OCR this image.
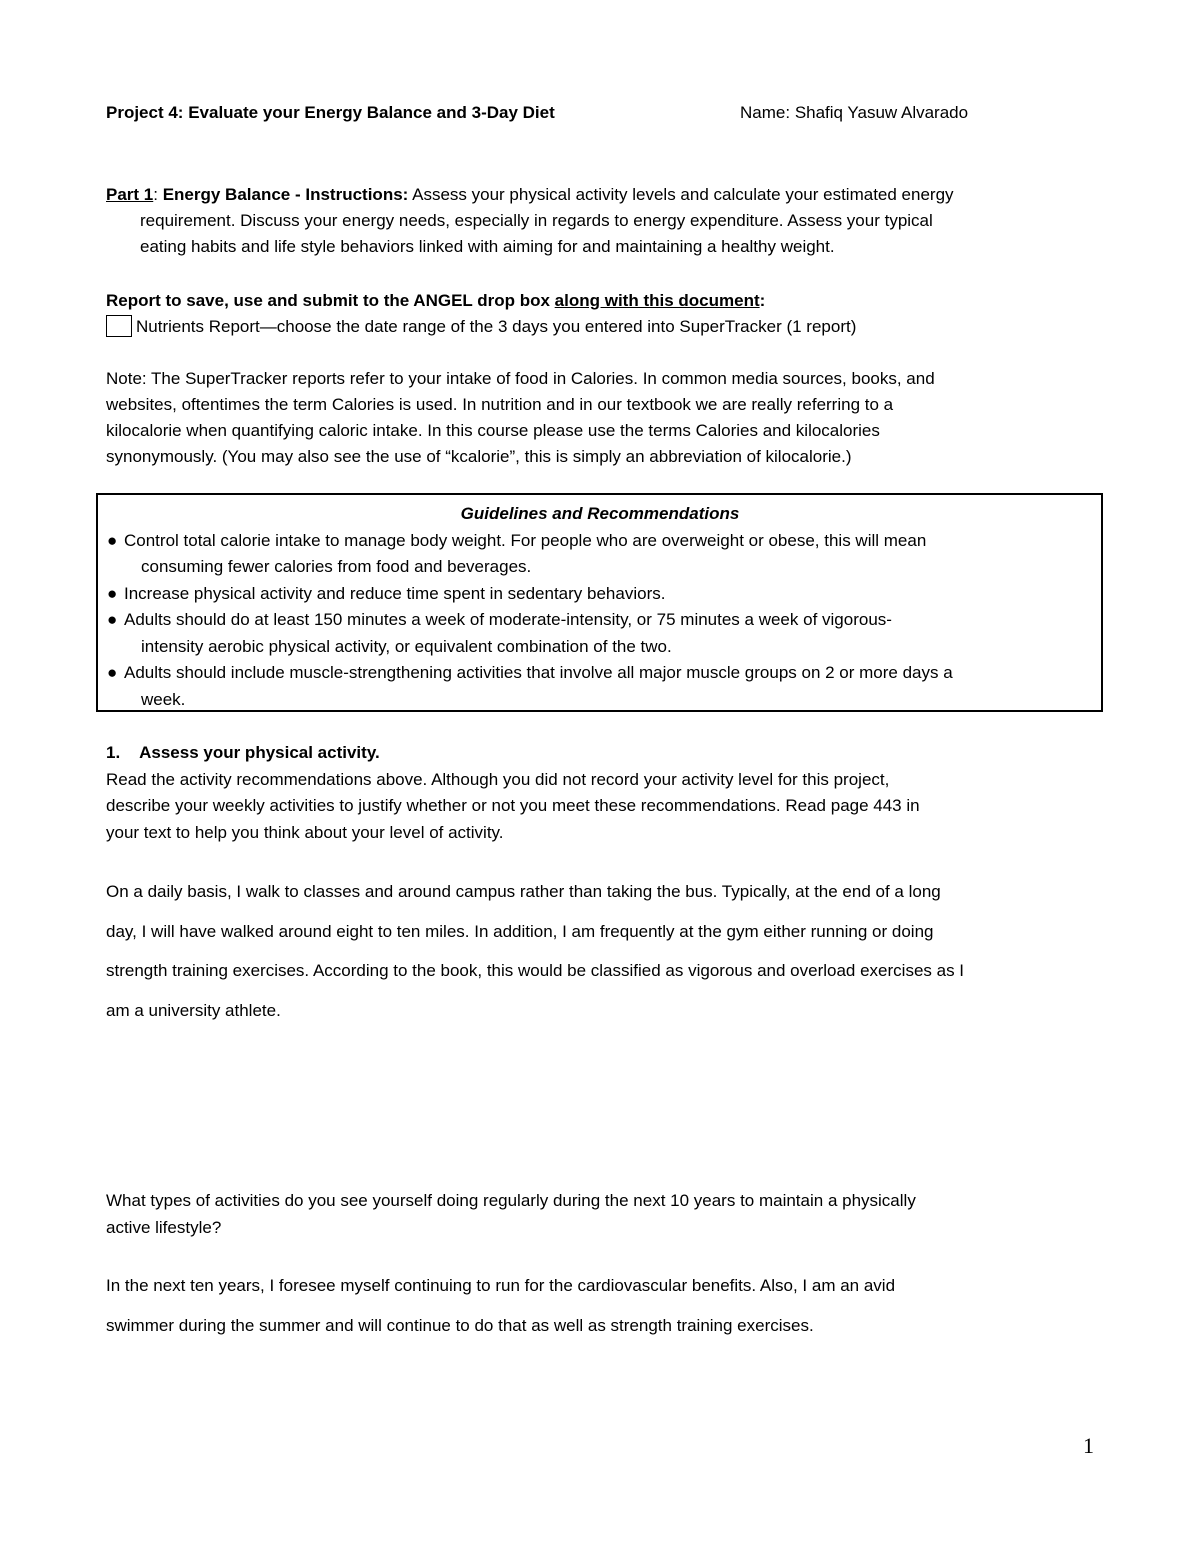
Project 4: Evaluate your Energy Balance and 3-Day Diet	Name: Shafiq Yasuw Alvarado
Part 1: Energy Balance - Instructions: Assess your physical activity levels and calculate your estimated energy
requirement. Discuss your energy needs, especially in regards to energy expenditure. Assess your typical
eating habits and life style behaviors linked with aiming for and maintaining a healthy weight.
Report to save, use and submit to the ANGEL drop box along with this document:
Nutrients Report—choose the date range of the 3 days you entered into SuperTracker (1 report)
Note: The SuperTracker reports refer to your intake of food in Calories. In common media sources, books, and
websites, oftentimes the term Calories is used. In nutrition and in our textbook we are really referring to a
kilocalorie when quantifying caloric intake. In this course please use the terms Calories and kilocalories
synonymously. (You may also see the use of “kcalorie”, this is simply an abbreviation of kilocalorie.)
Guidelines and Recommendations
● Control total calorie intake to manage body weight. For people who are overweight or obese, this will mean
consuming fewer calories from food and beverages.
● Increase physical activity and reduce time spent in sedentary behaviors.
● Adults should do at least 150 minutes a week of moderate-intensity, or 75 minutes a week of vigorous-
intensity aerobic physical activity, or equivalent combination of the two.
● Adults should include muscle-strengthening activities that involve all major muscle groups on 2 or more days a
week.
1. Assess your physical activity.
Read the activity recommendations above. Although you did not record your activity level for this project,
describe your weekly activities to justify whether or not you meet these recommendations. Read page 443 in
your text to help you think about your level of activity.
On a daily basis, I walk to classes and around campus rather than taking the bus. Typically, at the end of a long
day, I will have walked around eight to ten miles. In addition, I am frequently at the gym either running or doing
strength training exercises. According to the book, this would be classified as vigorous and overload exercises as I
am a university athlete.
What types of activities do you see yourself doing regularly during the next 10 years to maintain a physically
active lifestyle?
In the next ten years, I foresee myself continuing to run for the cardiovascular benefits. Also, I am an avid
swimmer during the summer and will continue to do that as well as strength training exercises.
1
